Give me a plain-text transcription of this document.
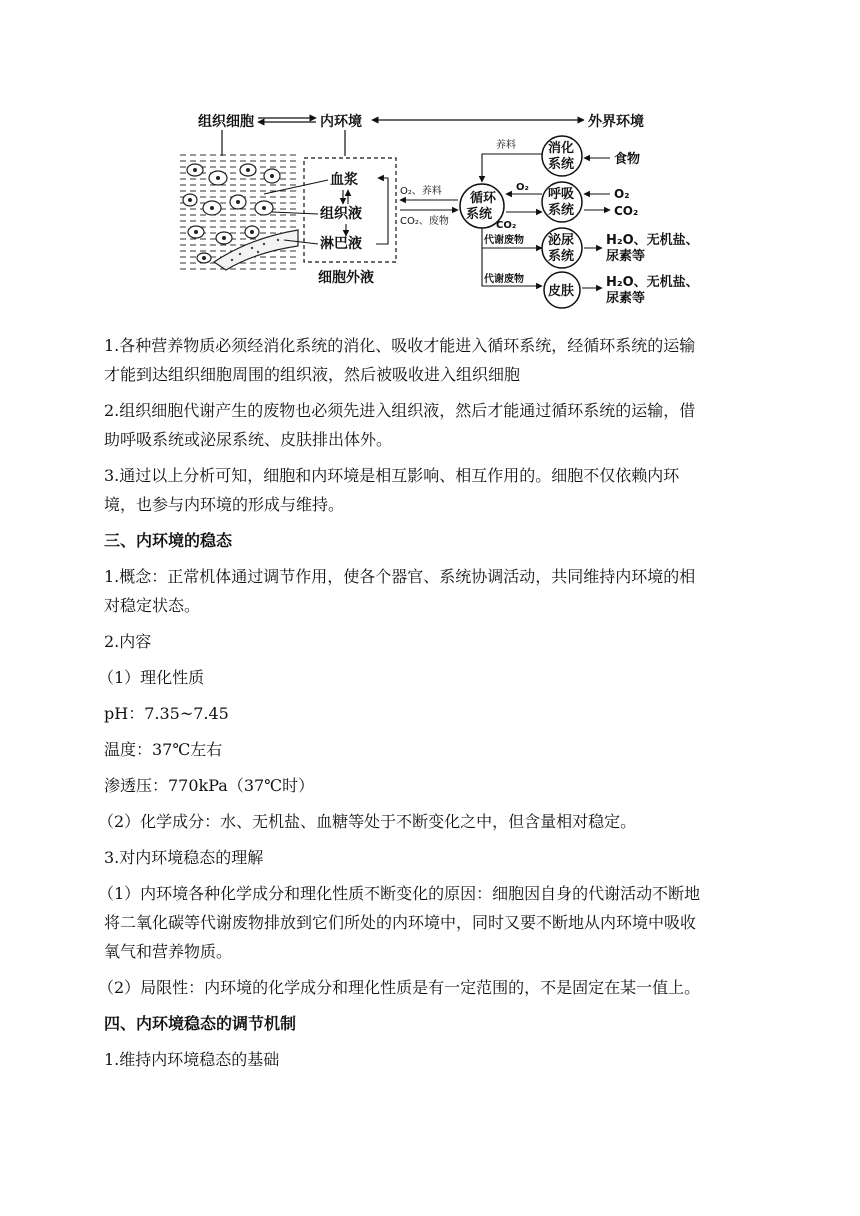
组织细胞	内环境	外界环境
血浆
组织液
淋巴液
细胞外液
O₂、养料
CO₂、废物
循环
系统
消化
系统
呼吸
系统
泌尿
系统
皮肤
养料
食物
O₂
CO₂
O₂
CO₂
代谢废物
代谢废物
H₂O、无机盐、
尿素等
H₂O、无机盐、
尿素等
1.各种营养物质必须经消化系统的消化、吸收才能进入循环系统，经循环系统的运输
才能到达组织细胞周围的组织液，然后被吸收进入组织细胞
2.组织细胞代谢产生的废物也必须先进入组织液，然后才能通过循环系统的运输，借
助呼吸系统或泌尿系统、皮肤排出体外。
3.通过以上分析可知，细胞和内环境是相互影响、相互作用的。细胞不仅依赖内环
境，也参与内环境的形成与维持。
三、内环境的稳态
1.概念：正常机体通过调节作用，使各个器官、系统协调活动，共同维持内环境的相
对稳定状态。
2.内容
（1）理化性质
pH：7.35~7.45
温度：37℃左右
渗透压：770kPa（37℃时）
（2）化学成分：水、无机盐、血糖等处于不断变化之中，但含量相对稳定。
3.对内环境稳态的理解
（1）内环境各种化学成分和理化性质不断变化的原因：细胞因自身的代谢活动不断地
将二氧化碳等代谢废物排放到它们所处的内环境中，同时又要不断地从内环境中吸收
氧气和营养物质。
（2）局限性：内环境的化学成分和理化性质是有一定范围的，不是固定在某一值上。
四、内环境稳态的调节机制
1.维持内环境稳态的基础
